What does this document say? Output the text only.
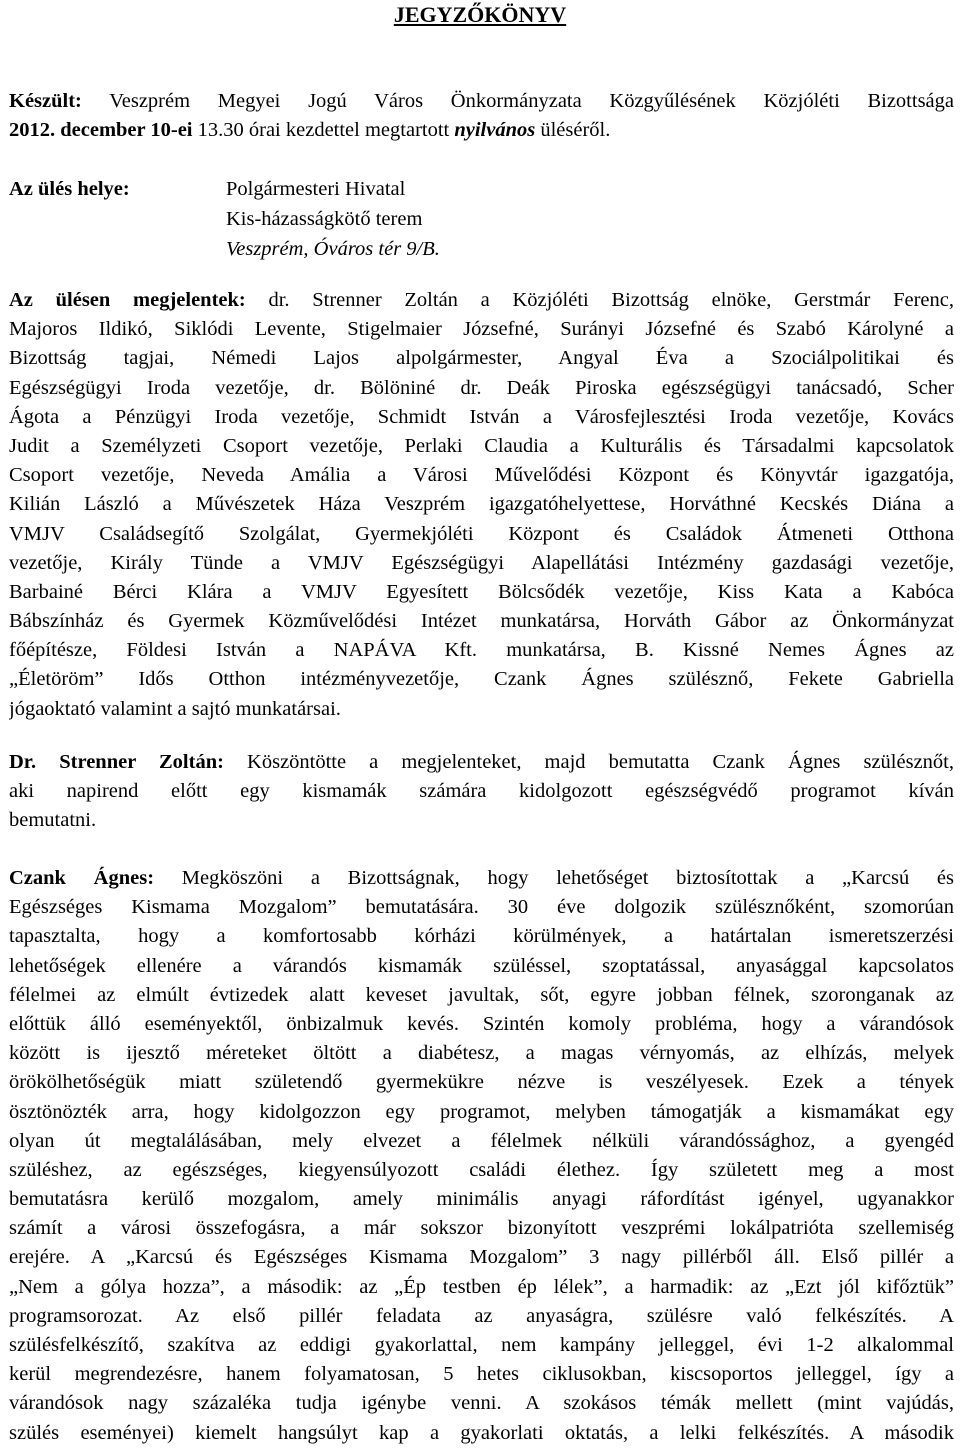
JEGYZŐKÖNYV
Készült: Veszprém Megyei Jogú Város Önkormányzata Közgyűlésének Közjóléti Bizottsága
2012. december 10-ei 13.30 órai kezdettel megtartott nyilvános üléséről.
Az ülés helye:	Polgármesteri Hivatal
Kis-házasságkötő terem
Veszprém, Óváros tér 9/B.
Az ülésen megjelentek: dr. Strenner Zoltán a Közjóléti Bizottság elnöke, Gerstmár Ferenc,
Majoros Ildikó, Siklódi Levente, Stigelmaier Józsefné, Surányi Józsefné és Szabó Károlyné a
Bizottság tagjai, Némedi Lajos alpolgármester, Angyal Éva a Szociálpolitikai és
Egészségügyi Iroda vezetője, dr. Bölöniné dr. Deák Piroska egészségügyi tanácsadó, Scher
Ágota a Pénzügyi Iroda vezetője, Schmidt István a Városfejlesztési Iroda vezetője, Kovács
Judit a Személyzeti Csoport vezetője, Perlaki Claudia a Kulturális és Társadalmi kapcsolatok
Csoport vezetője, Neveda Amália a Városi Művelődési Központ és Könyvtár igazgatója,
Kilián László a Művészetek Háza Veszprém igazgatóhelyettese, Horváthné Kecskés Diána a
VMJV Családsegítő Szolgálat, Gyermekjóléti Központ és Családok Átmeneti Otthona
vezetője, Király Tünde a VMJV Egészségügyi Alapellátási Intézmény gazdasági vezetője,
Barbainé Bérci Klára a VMJV Egyesített Bölcsődék vezetője, Kiss Kata a Kabóca
Bábszínház és Gyermek Közművelődési Intézet munkatársa, Horváth Gábor az Önkormányzat
főépítésze, Földesi István a NAPÁVA Kft. munkatársa, B. Kissné Nemes Ágnes az
„Életöröm” Idős Otthon intézményvezetője, Czank Ágnes szülésznő, Fekete Gabriella
jógaoktató valamint a sajtó munkatársai.
Dr. Strenner Zoltán: Köszöntötte a megjelenteket, majd bemutatta Czank Ágnes szülésznőt,
aki napirend előtt egy kismamák számára kidolgozott egészségvédő programot kíván
bemutatni.
Czank Ágnes: Megköszöni a Bizottságnak, hogy lehetőséget biztosítottak a „Karcsú és
Egészséges Kismama Mozgalom” bemutatására. 30 éve dolgozik szülésznőként, szomorúan
tapasztalta, hogy a komfortosabb kórházi körülmények, a határtalan ismeretszerzési
lehetőségek ellenére a várandós kismamák szüléssel, szoptatással, anyasággal kapcsolatos
félelmei az elmúlt évtizedek alatt keveset javultak, sőt, egyre jobban félnek, szoronganak az
előttük álló eseményektől, önbizalmuk kevés. Szintén komoly probléma, hogy a várandósok
között is ijesztő méreteket öltött a diabétesz, a magas vérnyomás, az elhízás, melyek
örökölhetőségük miatt születendő gyermekükre nézve is veszélyesek. Ezek a tények
ösztönözték arra, hogy kidolgozzon egy programot, melyben támogatják a kismamákat egy
olyan út megtalálásában, mely elvezet a félelmek nélküli várandóssághoz, a gyengéd
szüléshez, az egészséges, kiegyensúlyozott családi élethez. Így született meg a most
bemutatásra kerülő mozgalom, amely minimális anyagi ráfordítást igényel, ugyanakkor
számít a városi összefogásra, a már sokszor bizonyított veszprémi lokálpatrióta szellemiség
erejére. A „Karcsú és Egészséges Kismama Mozgalom” 3 nagy pillérből áll. Első pillér a
„Nem a gólya hozza”, a második: az „Ép testben ép lélek”, a harmadik: az „Ezt jól kifőztük”
programsorozat. Az első pillér feladata az anyaságra, szülésre való felkészítés. A
szülésfelkészítő, szakítva az eddigi gyakorlattal, nem kampány jelleggel, évi 1-2 alkalommal
kerül megrendezésre, hanem folyamatosan, 5 hetes ciklusokban, kiscsoportos jelleggel, így a
várandósok nagy százaléka tudja igénybe venni. A szokásos témák mellett (mint vajúdás,
szülés eseményei) kiemelt hangsúlyt kap a gyakorlati oktatás, a lelki felkészítés. A második
